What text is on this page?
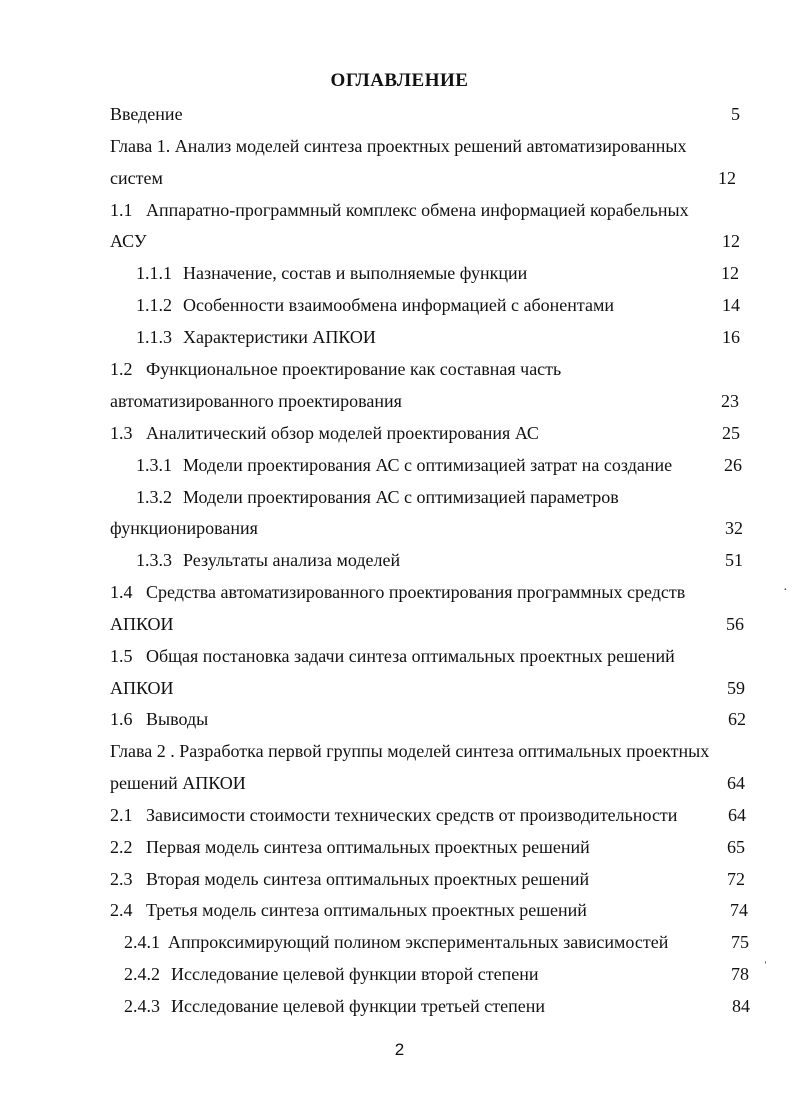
ОГЛАВЛЕНИЕ
Введение	5
Глава 1. Анализ моделей синтеза проектных решений автоматизированных
систем	12
1.1 Аппаратно-программный комплекс обмена информацией корабельных
АСУ	12
1.1.1 Назначение, состав и выполняемые функции	12
1.1.2 Особенности взаимообмена информацией с абонентами	14
1.1.3 Характеристики АПКОИ	16
1.2 Функциональное проектирование как составная часть
автоматизированного проектирования	23
1.3 Аналитический обзор моделей проектирования АС	25
1.3.1 Модели проектирования АС с оптимизацией затрат на создание	26
1.3.2 Модели проектирования АС с оптимизацией параметров
функционирования	32
1.3.3 Результаты анализа моделей	51
1.4 Средства автоматизированного проектирования программных средств
АПКОИ	56
1.5 Общая постановка задачи синтеза оптимальных проектных решений
АПКОИ	59
1.6 Выводы	62
Глава 2 . Разработка первой группы моделей синтеза оптимальных проектных
решений АПКОИ	64
2.1 Зависимости стоимости технических средств от производительности	64
2.2 Первая модель синтеза оптимальных проектных решений	65
2.3 Вторая модель синтеза оптимальных проектных решений	72
2.4 Третья модель синтеза оптимальных проектных решений	74
2.4.1 Аппроксимирующий полином экспериментальных зависимостей	75
2.4.2 Исследование целевой функции второй степени	78
2.4.3 Исследование целевой функции третьей степени	84
·
ˈ
2
